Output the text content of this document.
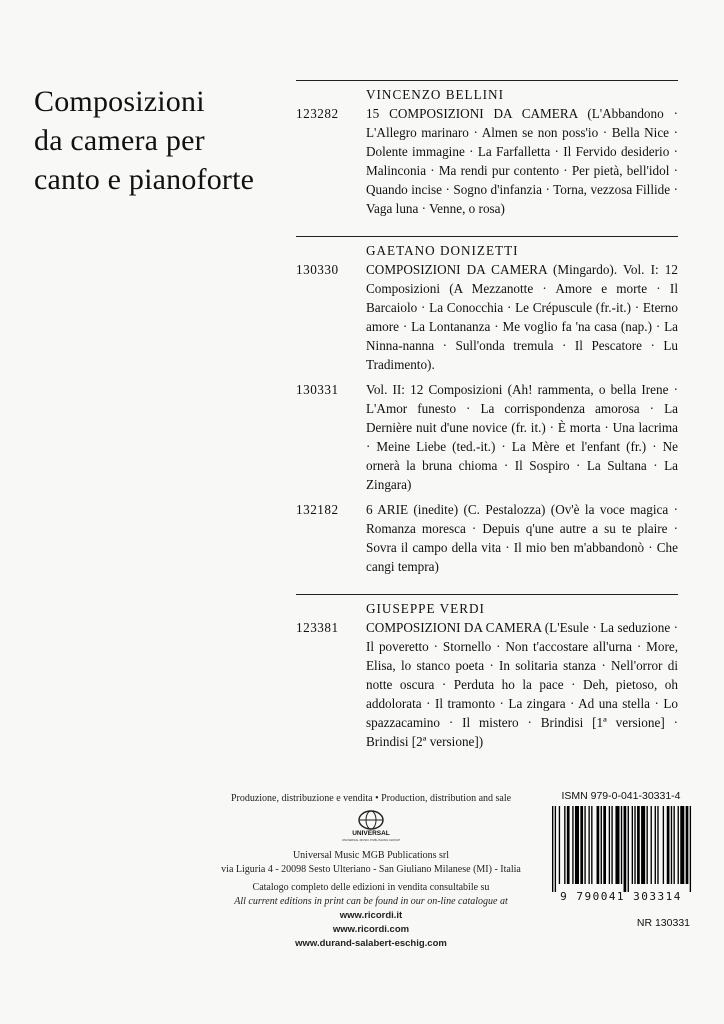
Composizioni
da camera per
canto e pianoforte
VINCENZO BELLINI
123282	15 COMPOSIZIONI DA CAMERA (L'Abbandono · L'Allegro marinaro · Almen se non poss'io · Bella Nice · Dolente immagine · La Farfalletta · Il Fervido desiderio · Malinconia · Ma rendi pur contento · Per pietà, bell'idol · Quando incise · Sogno d'infanzia · Torna, vezzosa Fillide · Vaga luna · Venne, o rosa)
GAETANO DONIZETTI
130330	COMPOSIZIONI DA CAMERA (Mingardo). Vol. I: 12 Composizioni (A Mezzanotte · Amore e morte · Il Barcaiolo · La Conocchia · Le Crépuscule (fr.-it.) · Eterno amore · La Lontananza · Me voglio fa 'na casa (nap.) · La Ninna-nanna · Sull'onda tremula · Il Pescatore · Lu Tradimento).
130331	Vol. II: 12 Composizioni (Ah! rammenta, o bella Irene · L'Amor funesto · La corrispondenza amorosa · La Dernière nuit d'une novice (fr. it.) · È morta · Una lacrima · Meine Liebe (ted.-it.) · La Mère et l'enfant (fr.) · Ne ornerà la bruna chioma · Il Sospiro · La Sultana · La Zingara)
132182	6 ARIE (inedite) (C. Pestalozza) (Ov'è la voce magica · Romanza moresca · Depuis q'une autre a su te plaire · Sovra il campo della vita · Il mio ben m'abbandonò · Che cangi tempra)
GIUSEPPE VERDI
123381	COMPOSIZIONI DA CAMERA (L'Esule · La seduzione · Il poveretto · Stornello · Non t'accostare all'urna · More, Elisa, lo stanco poeta · In solitaria stanza · Nell'orror di notte oscura · Perduta ho la pace · Deh, pietoso, oh addolorata · Il tramonto · La zingara · Ad una stella · Lo spazzacamino · Il mistero · Brindisi [1ª versione] · Brindisi [2ª versione])
Produzione, distribuzione e vendita • Production, distribution and sale
UNIVERSAL
UNIVERSAL MUSIC PUBLISHING GROUP
Universal Music MGB Publications srl
via Liguria 4 - 20098 Sesto Ulteriano - San Giuliano Milanese (MI) - Italia
Catalogo completo delle edizioni in vendita consultabile su
All current editions in print can be found in our on-line catalogue at
www.ricordi.it
www.ricordi.com
www.durand-salabert-eschig.com
ISMN 979-0-041-30331-4
9 790041 303314
NR 130331
